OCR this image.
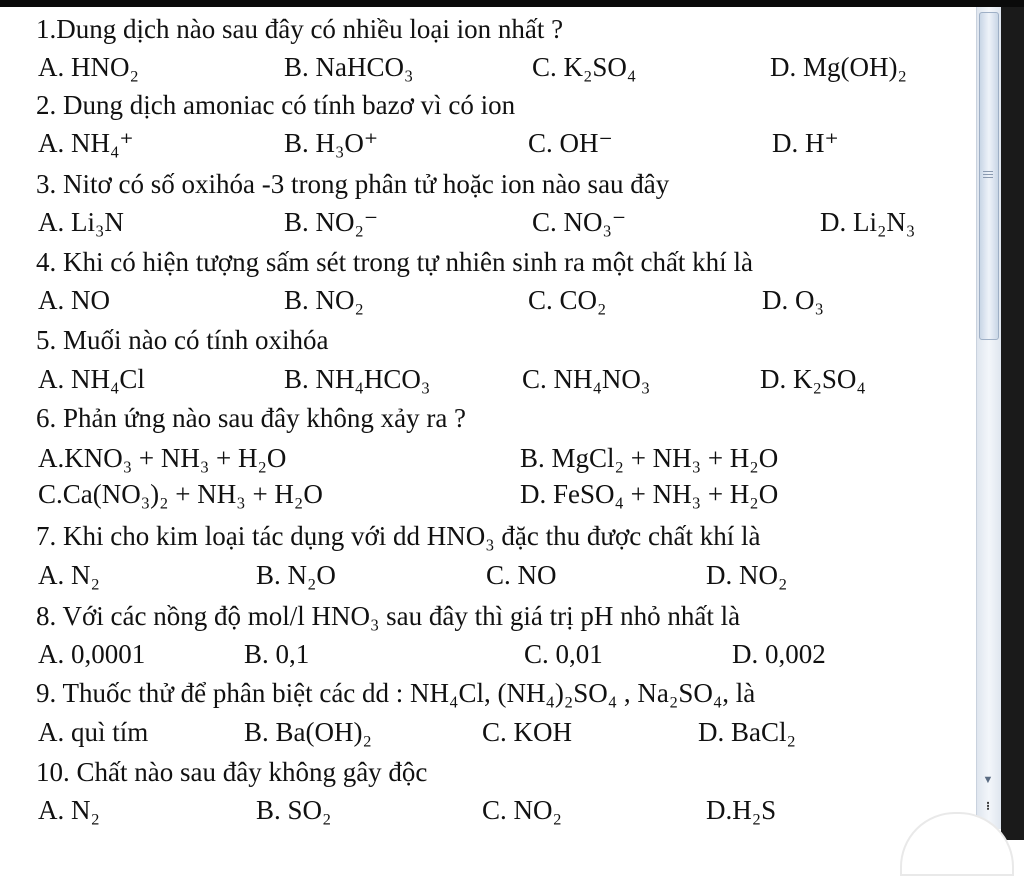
1.Dung dịch nào sau đây có nhiều loại ion nhất ?
A. HNO₂	B. NaHCO₃	C. K₂SO₄	D. Mg(OH)₂
2. Dung dịch amoniac có tính bazơ vì có ion
A. NH₄⁺	B. H₃O⁺	C. OH⁻	D. H⁺
3. Nitơ có số oxihóa -3 trong phân tử hoặc ion nào sau đây
A. Li₃N	B. NO₂⁻	C. NO₃⁻	D. Li₂N₃
4. Khi có hiện tượng sấm sét trong tự nhiên sinh ra một chất khí là
A. NO	B. NO₂	C. CO₂	D. O₃
5. Muối nào có tính oxihóa
A. NH₄Cl	B. NH₄HCO₃	C. NH₄NO₃	D. K₂SO₄
6. Phản ứng nào sau đây không xảy ra ?
A.KNO₃ + NH₃ + H₂O	B. MgCl₂ + NH₃ + H₂O
C.Ca(NO₃)₂ + NH₃ + H₂O	D. FeSO₄ + NH₃ + H₂O
7. Khi cho kim loại tác dụng với dd HNO₃ đặc thu được chất khí là
A. N₂	B. N₂O	C. NO	D. NO₂
8. Với các nồng độ mol/l HNO₃ sau đây thì giá trị pH nhỏ nhất là
A. 0,0001	B. 0,1	C. 0,01	D. 0,002
9. Thuốc thử để phân biệt các dd : NH₄Cl, (NH₄)₂SO₄ , Na₂SO₄, là
A. quì tím	B. Ba(OH)₂	C. KOH	D. BaCl₂
10. Chất nào sau đây không gây độc
A. N₂	B. SO₂	C. NO₂	D.H₂S
▼
⁝
